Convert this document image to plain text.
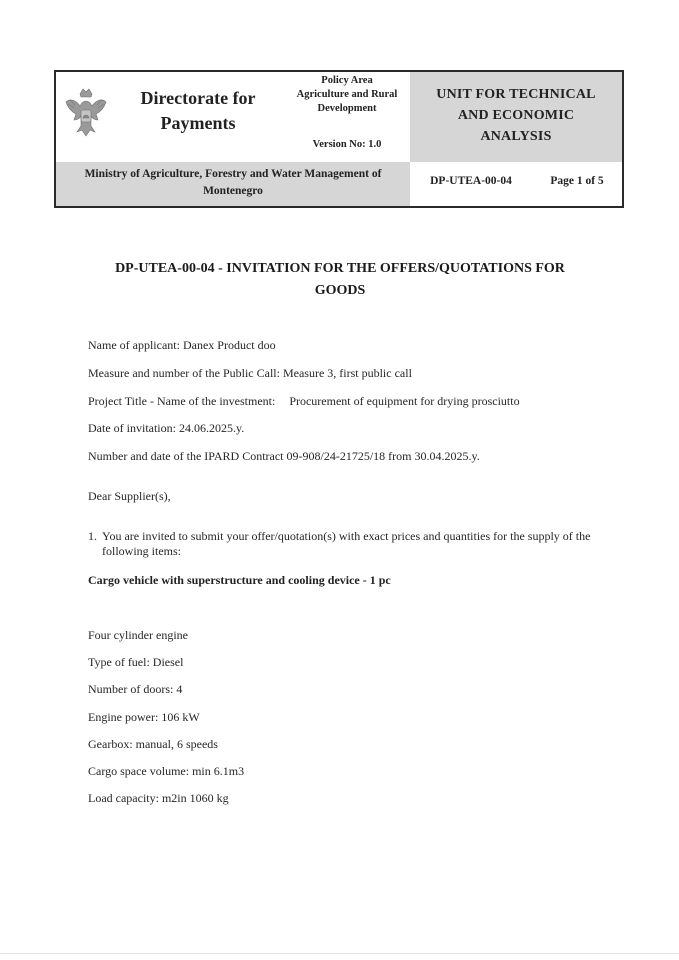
Directorate for Payments
Policy Area
Agriculture and Rural
Development
Version No: 1.0
UNIT FOR TECHNICAL
AND ECONOMIC
ANALYSIS
Ministry of Agriculture, Forestry and Water Management of
Montenegro
DP-UTEA-00-04	Page 1 of 5
DP-UTEA-00-04 - INVITATION FOR THE OFFERS/QUOTATIONS FOR
GOODS
Name of applicant: Danex Product doo
Measure and number of the Public Call: Measure 3, first public call
Project Title - Name of the investment: Procurement of equipment for drying prosciutto
Date of invitation: 24.06.2025.y.
Number and date of the IPARD Contract 09-908/24-21725/18 from 30.04.2025.y.
Dear Supplier(s),
1. You are invited to submit your offer/quotation(s) with exact prices and quantities for the supply of the following items:
Cargo vehicle with superstructure and cooling device - 1 pc
Four cylinder engine
Type of fuel: Diesel
Number of doors: 4
Engine power: 106 kW
Gearbox: manual, 6 speeds
Cargo space volume: min 6.1m3
Load capacity: m2in 1060 kg
